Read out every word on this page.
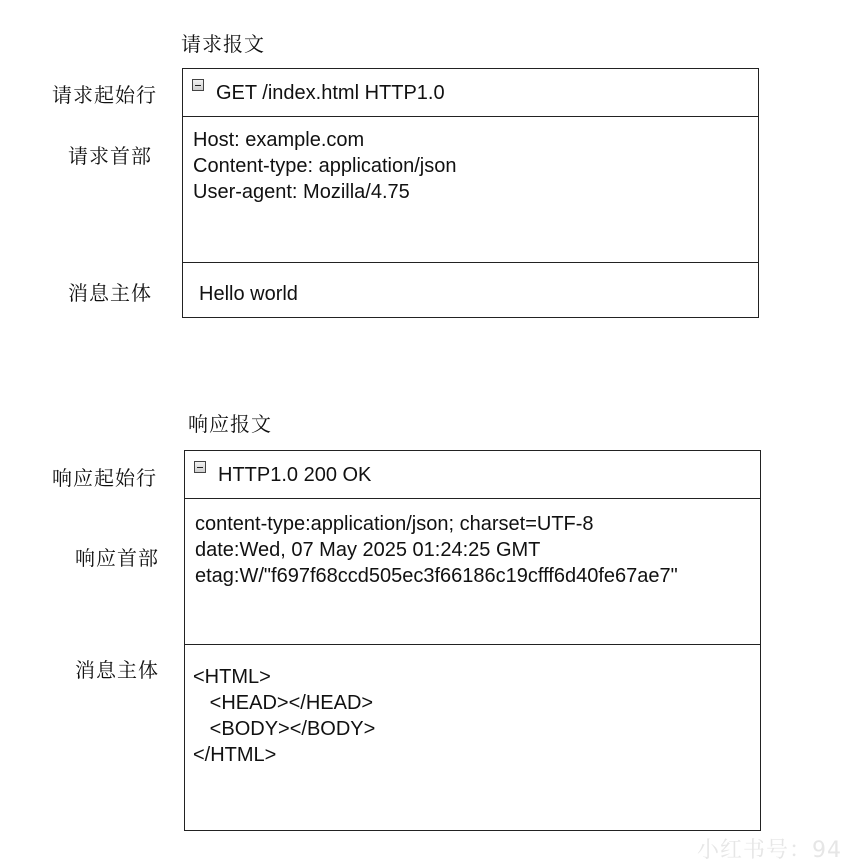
请求报文
请求起始行
请求首部
消息主体
GET /index.html HTTP1.0
Host: example.com
Content-type: application/json
User-agent: Mozilla/4.75
Hello world
响应报文
响应起始行
响应首部
消息主体
HTTP1.0 200 OK
content-type:application/json; charset=UTF-8
date:Wed, 07 May 2025 01:24:25 GMT
etag:W/"f697f68ccd505ec3f66186c19cfff6d40fe67ae7"
<HTML>
<HEAD></HEAD>
<BODY></BODY>
</HTML>
小红书号：94
